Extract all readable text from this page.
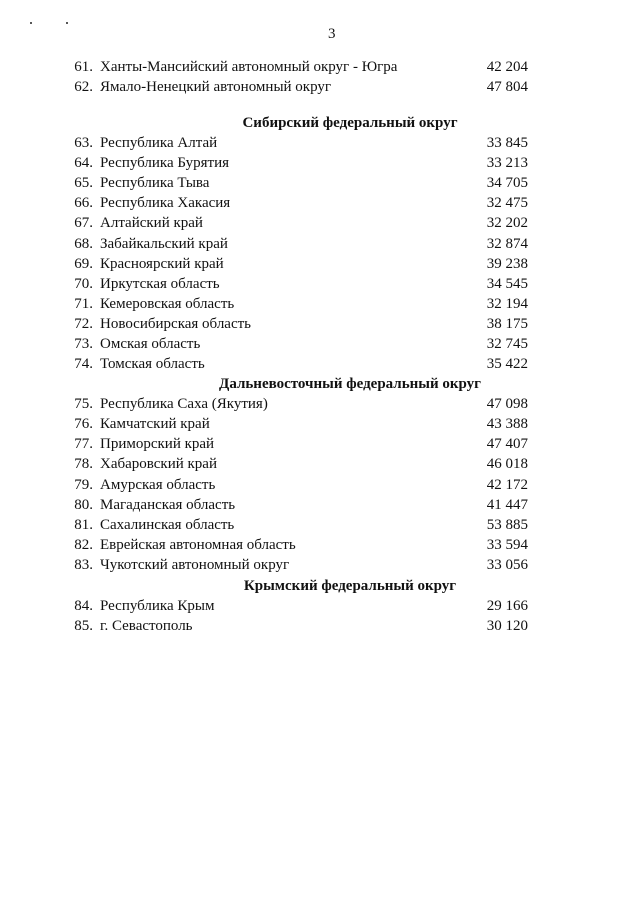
3
61. Ханты-Мансийский автономный округ - Югра	42 204
62. Ямало-Ненецкий автономный округ	47 804
Сибирский федеральный округ
63. Республика Алтай	33 845
64. Республика Бурятия	33 213
65. Республика Тыва	34 705
66. Республика Хакасия	32 475
67. Алтайский край	32 202
68. Забайкальский край	32 874
69. Красноярский край	39 238
70. Иркутская область	34 545
71. Кемеровская область	32 194
72. Новосибирская область	38 175
73. Омская область	32 745
74. Томская область	35 422
Дальневосточный федеральный округ
75. Республика Саха (Якутия)	47 098
76. Камчатский край	43 388
77. Приморский край	47 407
78. Хабаровский край	46 018
79. Амурская область	42 172
80. Магаданская область	41 447
81. Сахалинская область	53 885
82. Еврейская автономная область	33 594
83. Чукотский автономный округ	33 056
Крымский федеральный округ
84. Республика Крым	29 166
85. г. Севастополь	30 120
